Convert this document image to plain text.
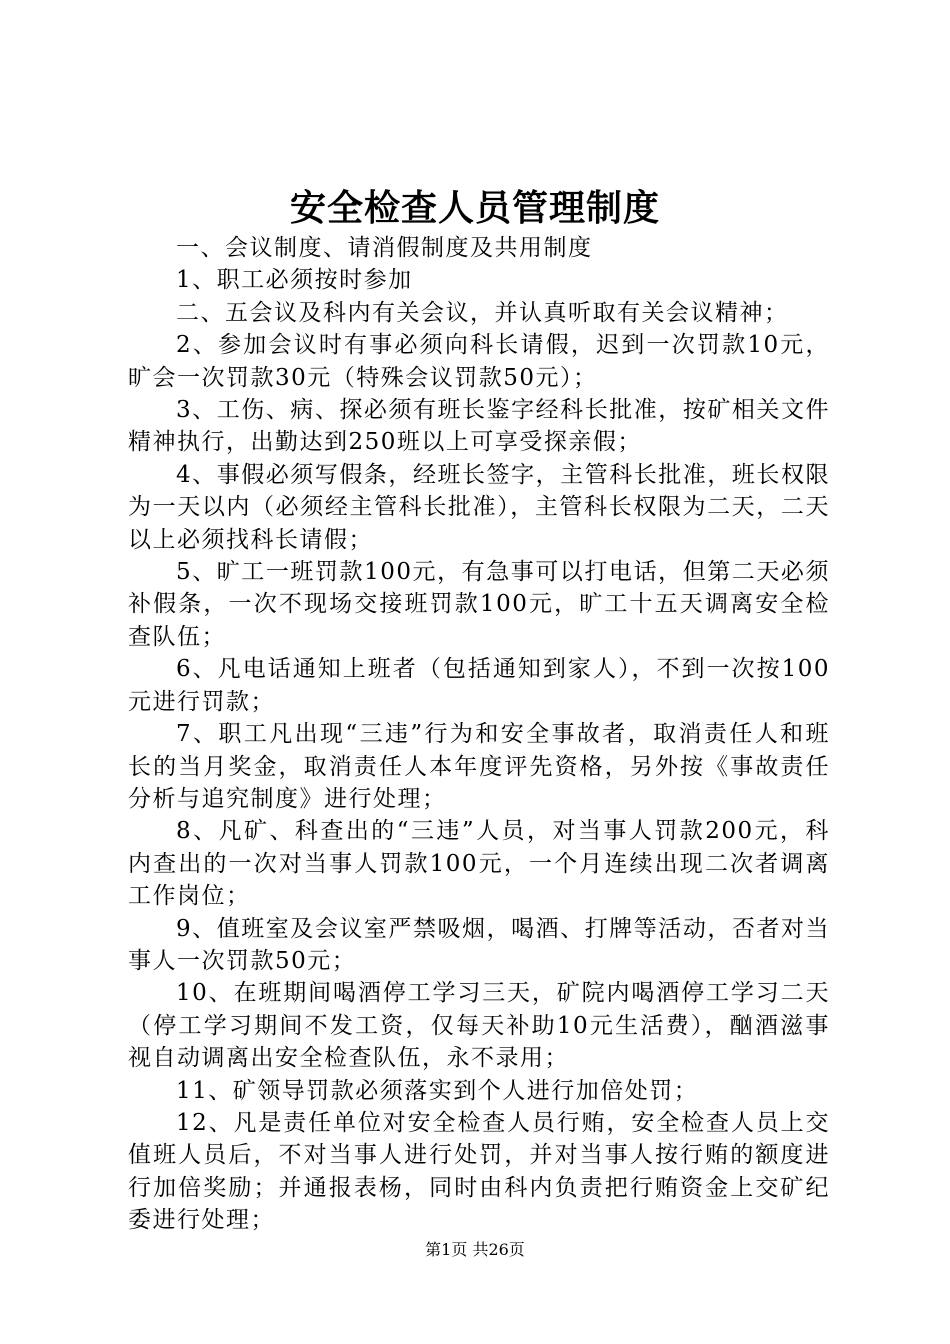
安全检查人员管理制度

一、会议制度、请消假制度及共用制度

1、职工必须按时参加

二、五会议及科内有关会议，并认真听取有关会议精神；

2、参加会议时有事必须向科长请假，迟到一次罚款10元，旷会一次罚款30元（特殊会议罚款50元）；

3、工伤、病、探必须有班长鉴字经科长批准，按矿相关文件精神执行，出勤达到250班以上可享受探亲假；

4、事假必须写假条，经班长签字，主管科长批准，班长权限为一天以内（必须经主管科长批准），主管科长权限为二天，二天以上必须找科长请假；

5、旷工一班罚款100元，有急事可以打电话，但第二天必须补假条，一次不现场交接班罚款100元，旷工十五天调离安全检查队伍；

6、凡电话通知上班者（包括通知到家人），不到一次按100元进行罚款；

7、职工凡出现“三违”行为和安全事故者，取消责任人和班长的当月奖金，取消责任人本年度评先资格，另外按《事故责任分析与追究制度》进行处理；

8、凡矿、科查出的“三违”人员，对当事人罚款200元，科内查出的一次对当事人罚款100元，一个月连续出现二次者调离工作岗位；

9、值班室及会议室严禁吸烟，喝酒、打牌等活动，否者对当事人一次罚款50元；

10、在班期间喝酒停工学习三天，矿院内喝酒停工学习二天（停工学习期间不发工资，仅每天补助10元生活费），酗酒滋事视自动调离出安全检查队伍，永不录用；

11、矿领导罚款必须落实到个人进行加倍处罚；

12、凡是责任单位对安全检查人员行贿，安全检查人员上交值班人员后，不对当事人进行处罚，并对当事人按行贿的额度进行加倍奖励；并通报表杨，同时由科内负责把行贿资金上交矿纪委进行处理；

第1页 共26页
